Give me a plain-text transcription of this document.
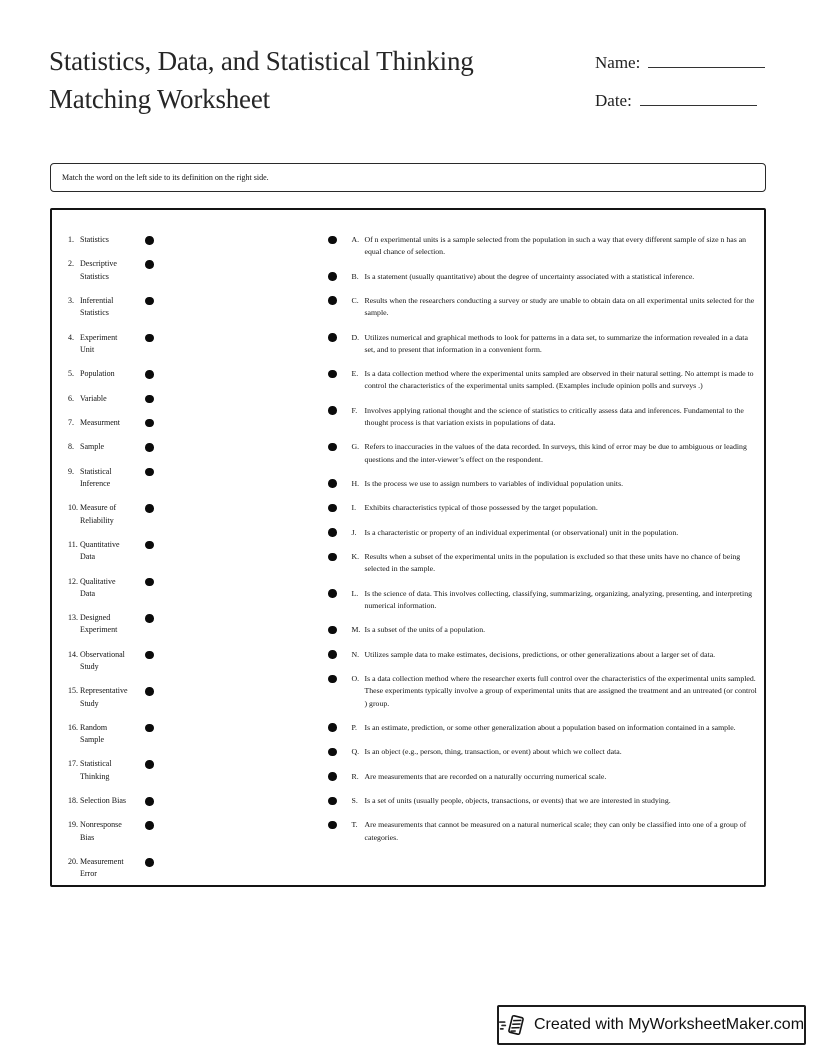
Statistics, Data, and Statistical Thinking
Matching Worksheet
Name:
Date:
Match the word on the left side to its definition on the right side.
1. Statistics
2. Descriptive Statistics
3. Inferential Statistics
4. Experiment Unit
5. Population
6. Variable
7. Measurment
8. Sample
9. Statistical Inference
10. Measure of Reliability
11. Quantitative Data
12. Qualitative Data
13. Designed Experiment
14. Observational Study
15. Representative Study
16. Random Sample
17. Statistical Thinking
18. Selection Bias
19. Nonresponse Bias
20. Measurement Error
A. Of n experimental units is a sample selected from the population in such a way that every different sample of size n has an equal chance of selection.
B. Is a statement (usually quantitative) about the degree of uncertainty associated with a statistical inference.
C. Results when the researchers conducting a survey or study are unable to obtain data on all experimental units selected for the sample.
D. Utilizes numerical and graphical methods to look for patterns in a data set, to summarize the information revealed in a data set, and to present that information in a convenient form.
E. Is a data collection method where the experimental units sampled are observed in their natural setting. No attempt is made to control the characteristics of the experimental units sampled. (Examples include opinion polls and surveys .)
F. Involves applying rational thought and the science of statistics to critically assess data and inferences. Fundamental to the thought process is that variation exists in populations of data.
G. Refers to inaccuracies in the values of the data recorded. In surveys, this kind of error may be due to ambiguous or leading questions and the inter-viewer’s effect on the respondent.
H. Is the process we use to assign numbers to variables of individual population units.
I.	Exhibits characteristics typical of those possessed by the target population.
J.	Is a characteristic or property of an individual experimental (or observational) unit in the population.
K. Results when a subset of the experimental units in the population is excluded so that these units have no chance of being selected in the sample.
L. Is the science of data. This involves collecting, classifying, summarizing, organizing, analyzing, presenting, and interpreting numerical information.
M. Is a subset of the units of a population.
N. Utilizes sample data to make estimates, decisions, predictions, or other generalizations about a larger set of data.
O. Is a data collection method where the researcher exerts full control over the characteristics of the experimental units sampled. These experiments typically involve a group of experimental units that are assigned the treatment and an untreated (or control ) group.
P. Is an estimate, prediction, or some other generalization about a population based on information contained in a sample.
Q. Is an object (e.g., person, thing, transaction, or event) about which we collect data.
R. Are measurements that are recorded on a naturally occurring numerical scale.
S. Is a set of units (usually people, objects, transactions, or events) that we are interested in studying.
T. Are measurements that cannot be measured on a natural numerical scale; they can only be classified into one of a group of categories.
Created with MyWorksheetMaker.com
